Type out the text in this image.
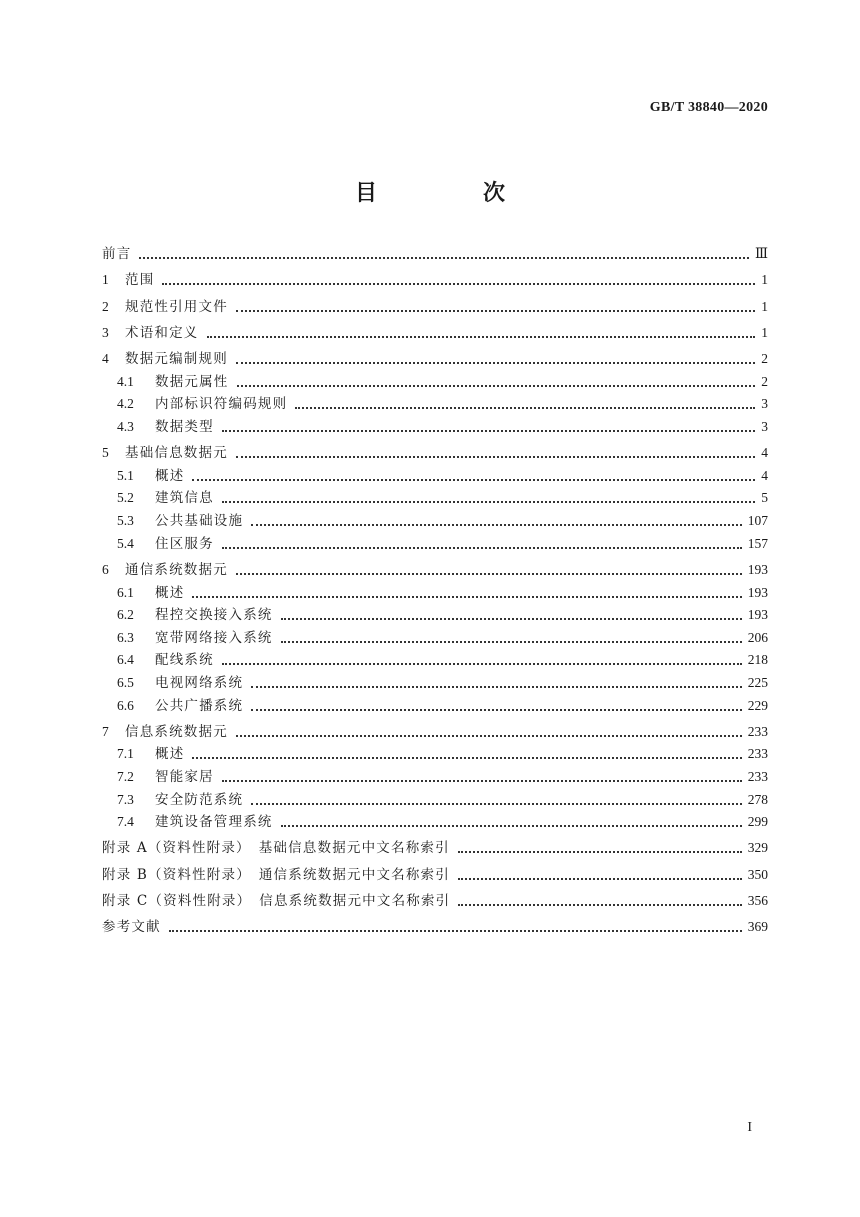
GB/T 38840—2020
目　次
前言	Ⅲ
1	范围	1
2	规范性引用文件	1
3	术语和定义	1
4	数据元编制规则	2
4.1	数据元属性	2
4.2	内部标识符编码规则	3
4.3	数据类型	3
5	基础信息数据元	4
5.1	概述	4
5.2	建筑信息	5
5.3	公共基础设施	107
5.4	住区服务	157
6	通信系统数据元	193
6.1	概述	193
6.2	程控交换接入系统	193
6.3	宽带网络接入系统	206
6.4	配线系统	218
6.5	电视网络系统	225
6.6	公共广播系统	229
7	信息系统数据元	233
7.1	概述	233
7.2	智能家居	233
7.3	安全防范系统	278
7.4	建筑设备管理系统	299
附录 A（资料性附录）　基础信息数据元中文名称索引	329
附录 B（资料性附录）　通信系统数据元中文名称索引	350
附录 C（资料性附录）　信息系统数据元中文名称索引	356
参考文献	369
I
